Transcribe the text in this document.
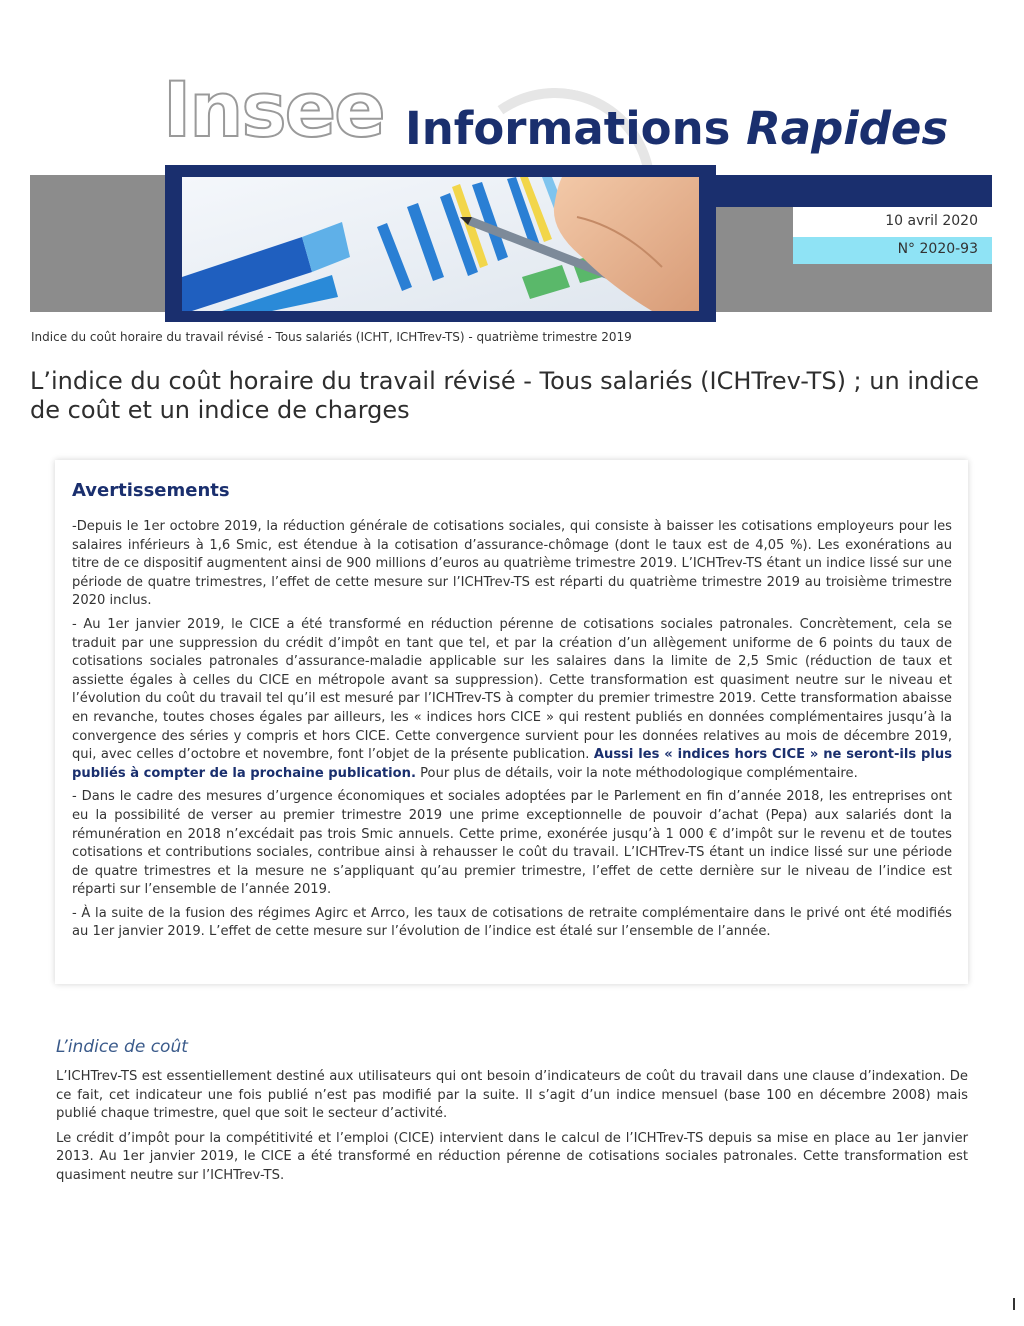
Insee Informations Rapides
10 avril 2020
N° 2020-93
Indice du coût horaire du travail révisé - Tous salariés (ICHT, ICHTrev-TS) - quatrième trimestre 2019
L’indice du coût horaire du travail révisé - Tous salariés (ICHTrev-TS) ; un indice de coût et un indice de charges
Avertissements

-Depuis le 1er octobre 2019, la réduction générale de cotisations sociales, qui consiste à baisser les cotisations employeurs pour les salaires inférieurs à 1,6 Smic, est étendue à la cotisation d’assurance-chômage (dont le taux est de 4,05 %). Les exonérations au titre de ce dispositif augmentent ainsi de 900 millions d’euros au quatrième trimestre 2019. L’ICHTrev-TS étant un indice lissé sur une période de quatre trimestres, l’effet de cette mesure sur l’ICHTrev-TS est réparti du quatrième trimestre 2019 au troisième trimestre 2020 inclus.

- Au 1er janvier 2019, le CICE a été transformé en réduction pérenne de cotisations sociales patronales. Concrètement, cela se traduit par une suppression du crédit d’impôt en tant que tel, et par la création d’un allègement uniforme de 6 points du taux de cotisations sociales patronales d’assurance-maladie applicable sur les salaires dans la limite de 2,5 Smic (réduction de taux et assiette égales à celles du CICE en métropole avant sa suppression). Cette transformation est quasiment neutre sur le niveau et l’évolution du coût du travail tel qu’il est mesuré par l’ICHTrev-TS à compter du premier trimestre 2019. Cette transformation abaisse en revanche, toutes choses égales par ailleurs, les « indices hors CICE » qui restent publiés en données complémentaires jusqu’à la convergence des séries y compris et hors CICE. Cette convergence survient pour les données relatives au mois de décembre 2019, qui, avec celles d’octobre et novembre, font l’objet de la présente publication. Aussi les « indices hors CICE » ne seront-ils plus publiés à compter de la prochaine publication. Pour plus de détails, voir la note méthodologique complémentaire.

- Dans le cadre des mesures d’urgence économiques et sociales adoptées par le Parlement en fin d’année 2018, les entreprises ont eu la possibilité de verser au premier trimestre 2019 une prime exceptionnelle de pouvoir d’achat (Pepa) aux salariés dont la rémunération en 2018 n’excédait pas trois Smic annuels. Cette prime, exonérée jusqu’à 1 000 € d’impôt sur le revenu et de toutes cotisations et contributions sociales, contribue ainsi à rehausser le coût du travail. L’ICHTrev-TS étant un indice lissé sur une période de quatre trimestres et la mesure ne s’appliquant qu’au premier trimestre, l’effet de cette dernière sur le niveau de l’indice est réparti sur l’ensemble de l’année 2019.

- À la suite de la fusion des régimes Agirc et Arrco, les taux de cotisations de retraite complémentaire dans le privé ont été modifiés au 1er janvier 2019. L’effet de cette mesure sur l’évolution de l’indice est étalé sur l’ensemble de l’année.

L’indice de coût

L’ICHTrev-TS est essentiellement destiné aux utilisateurs qui ont besoin d’indicateurs de coût du travail dans une clause d’indexation. De ce fait, cet indicateur une fois publié n’est pas modifié par la suite. Il s’agit d’un indice mensuel (base 100 en décembre 2008) mais publié chaque trimestre, quel que soit le secteur d’activité.

Le crédit d’impôt pour la compétitivité et l’emploi (CICE) intervient dans le calcul de l’ICHTrev-TS depuis sa mise en place au 1er janvier 2013. Au 1er janvier 2019, le CICE a été transformé en réduction pérenne de cotisations sociales patronales. Cette transformation est quasiment neutre sur l’ICHTrev-TS.
